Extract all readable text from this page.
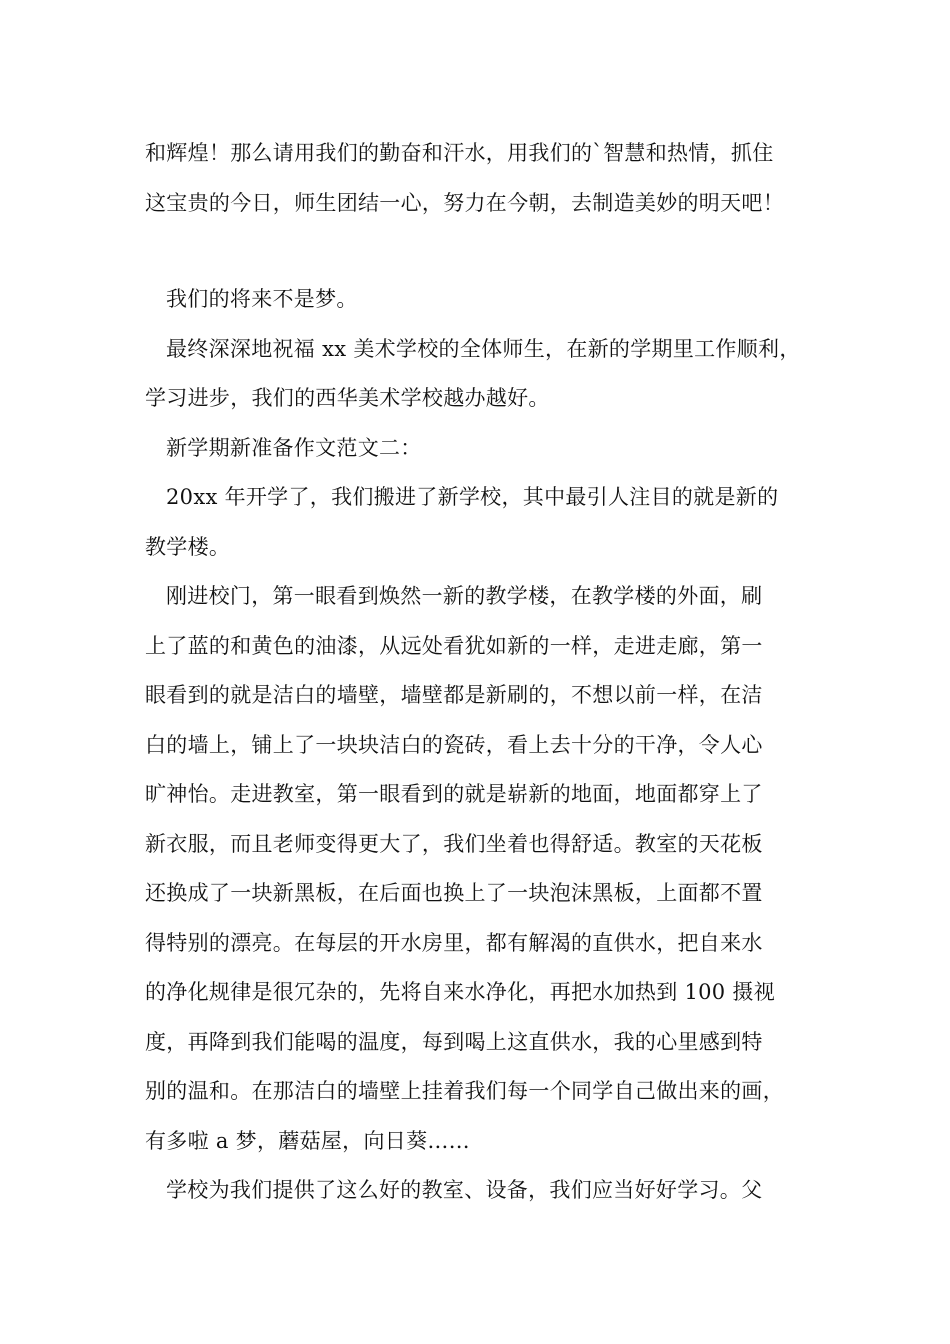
和辉煌！那么请用我们的勤奋和汗水，用我们的`智慧和热情，抓住
这宝贵的今日，师生团结一心，努力在今朝，去制造美妙的明天吧！
我们的将来不是梦。
最终深深地祝福 xx 美术学校的全体师生，在新的学期里工作顺利，
学习进步，我们的西华美术学校越办越好。
新学期新准备作文范文二：
20xx 年开学了，我们搬进了新学校，其中最引人注目的就是新的
教学楼。
刚进校门，第一眼看到焕然一新的教学楼，在教学楼的外面，刷
上了蓝的和黄色的油漆，从远处看犹如新的一样，走进走廊，第一
眼看到的就是洁白的墙壁，墙壁都是新刷的，不想以前一样，在洁
白的墙上，铺上了一块块洁白的瓷砖，看上去十分的干净，令人心
旷神怡。走进教室，第一眼看到的就是崭新的地面，地面都穿上了
新衣服，而且老师变得更大了，我们坐着也得舒适。教室的天花板
还换成了一块新黑板，在后面也换上了一块泡沫黑板，上面都不置
得特别的漂亮。在每层的开水房里，都有解渴的直供水，把自来水
的净化规律是很冗杂的，先将自来水净化，再把水加热到 100 摄视
度，再降到我们能喝的温度，每到喝上这直供水，我的心里感到特
别的温和。在那洁白的墙壁上挂着我们每一个同学自己做出来的画，
有多啦 a 梦，蘑菇屋，向日葵……
学校为我们提供了这么好的教室、设备，我们应当好好学习。父
